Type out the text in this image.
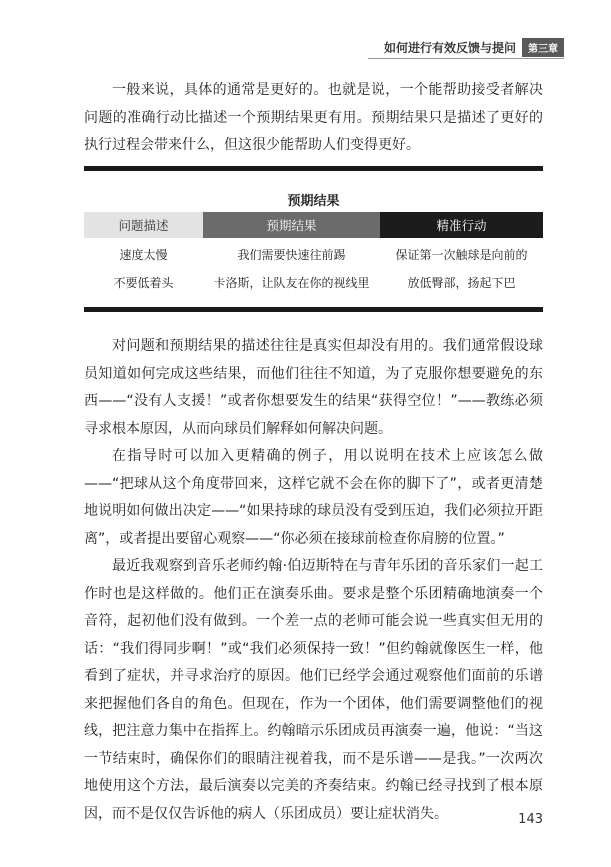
如何进行有效反馈与提问	第三章

一般来说，具体的通常是更好的。也就是说，一个能帮助接受者解决问题的准确行动比描述一个预期结果更有用。预期结果只是描述了更好的执行过程会带来什么，但这很少能帮助人们变得更好。

预期结果
问题描述	预期结果	精准行动
速度太慢	我们需要快速往前踢	保证第一次触球是向前的
不要低着头	卡洛斯，让队友在你的视线里	放低臀部，扬起下巴

对问题和预期结果的描述往往是真实但却没有用的。我们通常假设球员知道如何完成这些结果，而他们往往不知道，为了克服你想要避免的东西——“没有人支援！”或者你想要发生的结果“获得空位！”——教练必须寻求根本原因，从而向球员们解释如何解决问题。

在指导时可以加入更精确的例子，用以说明在技术上应该怎么做——“把球从这个角度带回来，这样它就不会在你的脚下了”，或者更清楚地说明如何做出决定——“如果持球的球员没有受到压迫，我们必须拉开距离”，或者提出要留心观察——“你必须在接球前检查你肩膀的位置。”

最近我观察到音乐老师约翰·伯迈斯特在与青年乐团的音乐家们一起工作时也是这样做的。他们正在演奏乐曲。要求是整个乐团精确地演奏一个音符，起初他们没有做到。一个差一点的老师可能会说一些真实但无用的话：“我们得同步啊！”或“我们必须保持一致！”但约翰就像医生一样，他看到了症状，并寻求治疗的原因。他们已经学会通过观察他们面前的乐谱来把握他们各自的角色。但现在，作为一个团体，他们需要调整他们的视线，把注意力集中在指挥上。约翰暗示乐团成员再演奏一遍，他说：“当这一节结束时，确保你们的眼睛注视着我，而不是乐谱——是我。”一次两次地使用这个方法，最后演奏以完美的齐奏结束。约翰已经寻找到了根本原因，而不是仅仅告诉他的病人（乐团成员）要让症状消失。	143
